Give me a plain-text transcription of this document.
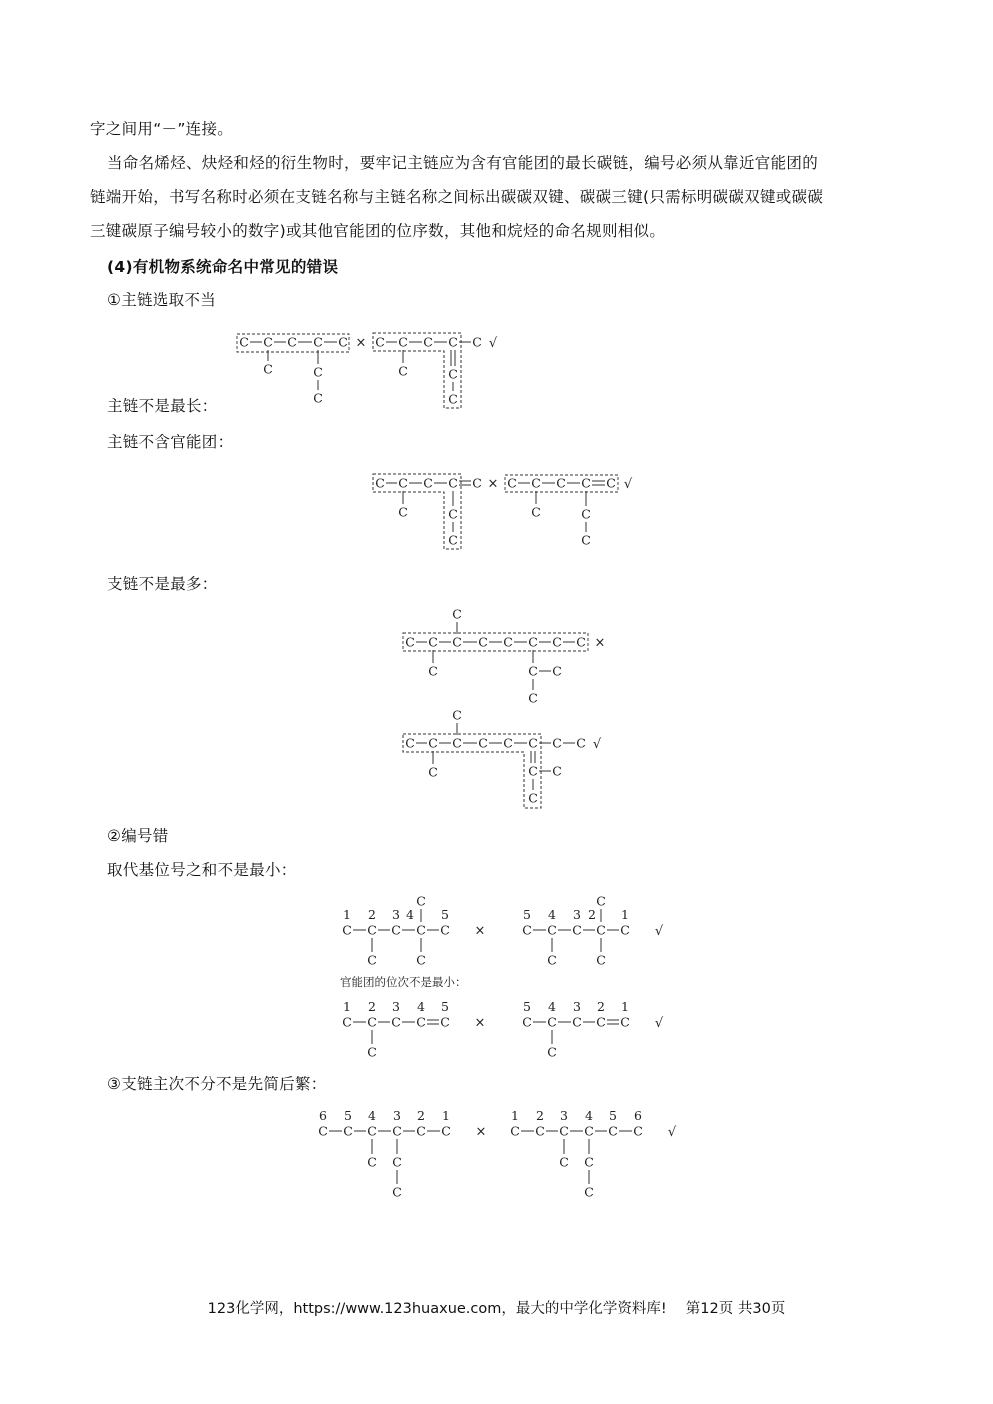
字之间用“－”连接。
当命名烯烃、炔烃和烃的衍生物时，要牢记主链应为含有官能团的最长碳链，编号必须从靠近官能团的
链端开始，书写名称时必须在支链名称与主链名称之间标出碳碳双键、碳碳三键(只需标明碳碳双键或碳碳
三键碳原子编号较小的数字)或其他官能团的位序数，其他和烷烃的命名规则相似。
(4)有机物系统命名中常见的错误
①主链选取不当
主链不是最长：
主链不含官能团：
支链不是最多：
②编号错
取代基位号之和不是最小：
③支链主次不分不是先简后繁：
C C C C C
C	C
C
× C C C C C
C	C
C
√
C C C C C
C	C
C
× C C C C C
C	C
C
√
C C C C C C C C
C
C	C C
C
×
C C C C C C C C
C
C	C C
C
√
1 2 3 4 5
C C C C C
C
C	C
×
5 4 3 2 1
C C C C C
C
C	C
√
1 2 3 4 5
C C C C C
C
×
5 4 3 2 1
C C C C C
C
√
6 5 4 3 2 1
C C C C C C
C C
C
×
1 2 3 4 5 6
C C C C C C
C C
C
√
官能团的位次不是最小：
123化学网，https://www.123huaxue.com，最大的中学化学资料库!　 第12页 共30页
